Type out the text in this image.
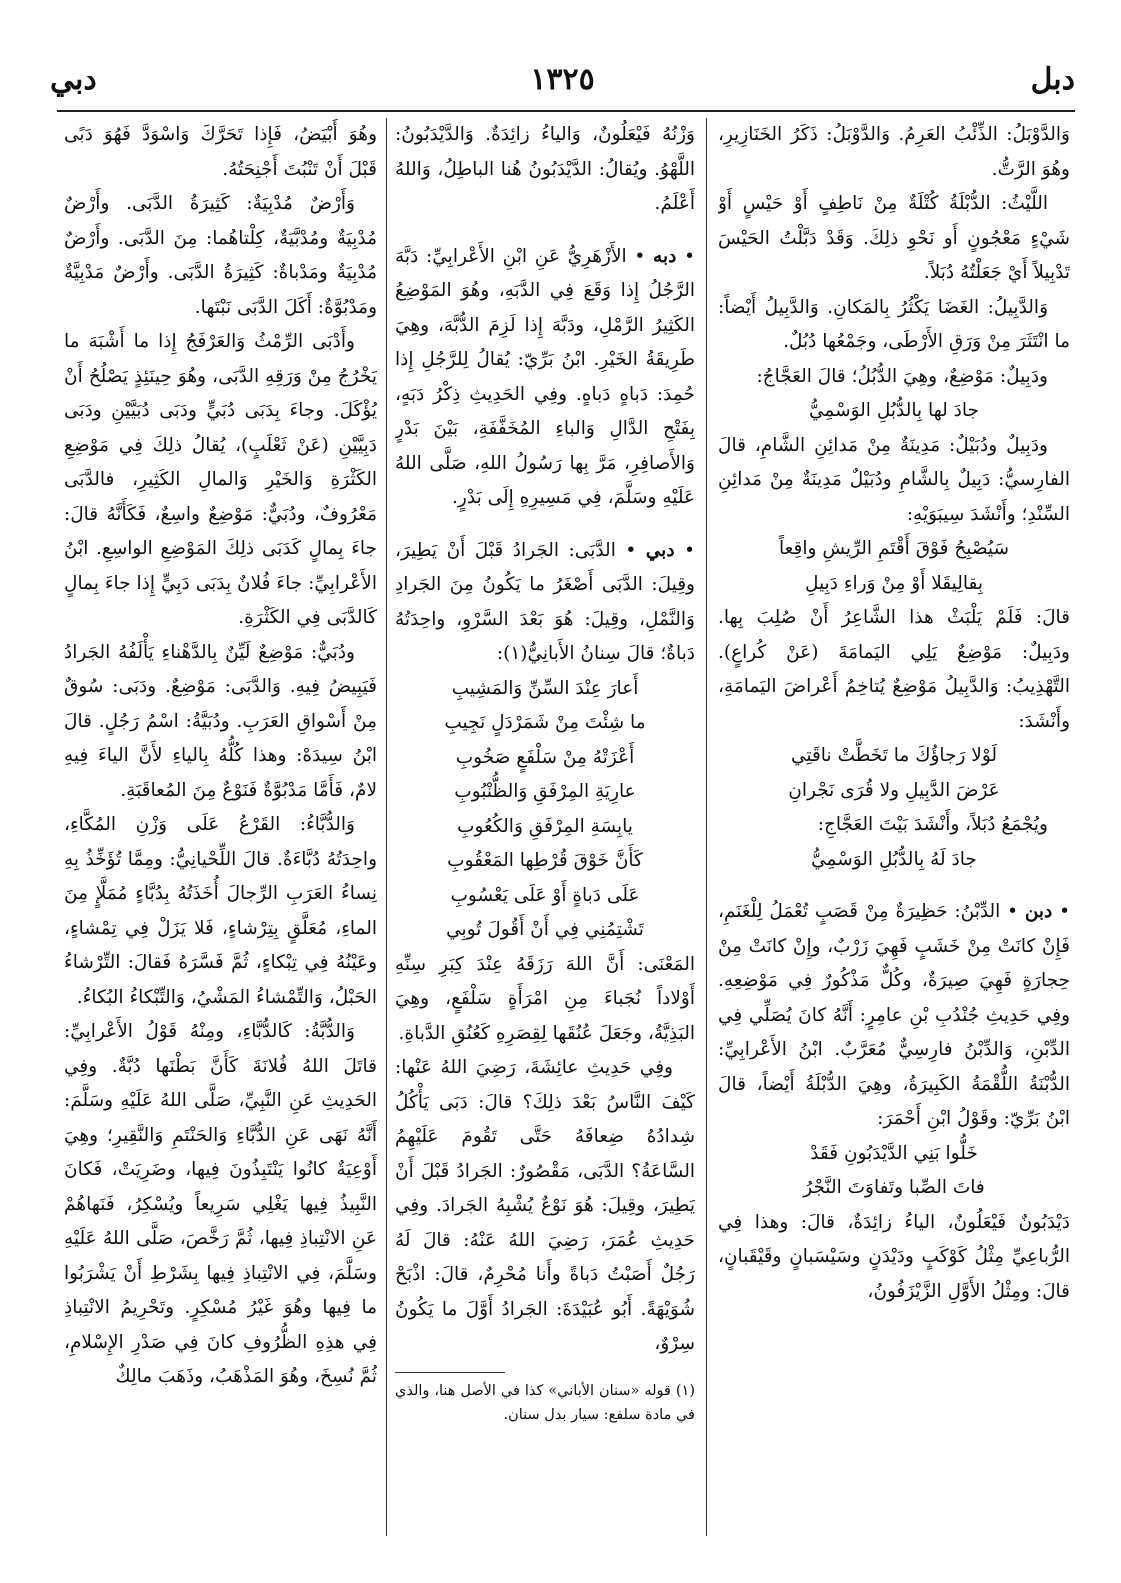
دبل
١٣٢٥
دبي

وَالدَّوْبَلُ: الذِّئْبُ العَرِمُ. وَالدَّوْبَلُ: ذَكَرُ الخَنَازِيرِ، وهُوَ الرَّتُّ.

اللَّيْثُ: الدُّبْلَةُ كُتْلَةٌ مِنْ نَاطِفٍ أَوْ حَيْسٍ أَوْ شَيْءٍ مَعْجُونٍ أَو نَحْوِ ذلِكَ. وَقَدْ دَبَّلْتُ الحَيْسَ تَدْبِيلاً أَيْ جَعَلْتُهُ دُبَلاً.

وَالدَّبِيلُ: الغَضَا يَكْثُرُ بِالمَكانِ. وَالدَّبِيلُ أَيْضاً: ما انْتَثَرَ مِنْ وَرَقِ الأَرْطَى، وجَمْعُها دُبُلٌ.

ودَبِيلٌ: مَوْضِعٌ، وهِيَ الدُّبُلُ؛ قالَ العَجَّاجُ:

جادَ لها بِالدُّبُلِ الوَسْمِيُّ

ودَبِيلٌ ودُبَيْلٌ: مَدِينَةٌ مِنْ مَدائِنِ الشَّامِ، قالَ الفارِسيُّ: دَبِيلٌ بِالشَّامِ ودُبَيْلٌ مَدِينَةٌ مِنْ مَدائِنِ السِّنْدِ؛ وأَنْشَدَ سِيبَوَيْهِ:

سَيُصْبِحُ فَوْقَ أَقْتَمِ الرِّيشِ واقِعاً

بِقالِيقَلا أَوْ مِنْ وَراءِ دَبِيلِ

قالَ: فَلَمْ يَلْبَثْ هذا الشَّاعِرُ أَنْ صُلِبَ بِها. ودَبِيلٌ: مَوْضِعٌ يَلِي اليَمامَةَ (عَنْ كُراعٍ). التَّهْذِيبُ: وَالدَّبِيلُ مَوْضِعٌ يُتاخِمُ أَعْراضَ اليَمامَةِ، وأَنْشَدَ:

لَوْلا رَجاؤُكَ ما تَخَطَّتْ ناقَتِي

عَرْضَ الدَّبِيلِ ولا قُرَى نَجْرانِ

ويُجْمَعُ دُبَلاً، وأَنْشَدَ بَيْتَ العَجَّاجِ:

جادَ لَهُ بِالدُّبُلِ الوَسْمِيُّ

• دبن • الدِّبْنُ: حَظِيرَةٌ مِنْ قَصَبٍ تُعْمَلُ لِلْغَنَمِ، فَإِنْ كانَتْ مِنْ خَشَبٍ فَهِيَ زَرْبٌ، وإِنْ كانَتْ مِنْ حِجارَةٍ فَهِيَ صِيرَةٌ، وكُلٌّ مَذْكُورٌ فِي مَوْضِعِهِ. وفِي حَدِيثِ جُنْدُبِ بْنِ عامِرٍ: أَنَّهُ كانَ يُصَلِّي فِي الدِّبْنِ، وَالدِّبْنُ فارِسِيٌّ مُعَرَّبٌ. ابْنُ الأَعْرابِيِّ: الدُّبْنَةُ اللُّقْمَةُ الكَبِيرَةُ، وهِيَ الدُّبْلَةُ أَيْضاً، قالَ ابْنُ بَرِّيّ: وقَوْلُ ابْنِ أَحْمَرَ:

خَلُّوا بَنِي الدَّيْدَبُونِ فَقَدْ

فاتَ الصِّبا وتَفاوَتَ النَّجْرُ

دَيْدَبُونٌ فَيْعَلُونٌ، الياءُ زائِدَةٌ، قالَ: وهذا فِي الرُّباعِيِّ مِثْلُ كَوْكَبٍ ودَيْدَنٍ وسَيْسَبانٍ وقَيْقَبانٍ، قالَ: ومِثْلُ الأَوَّلِ الزَّيْزَفُونُ،

وَزْنُهُ فَيْعَلُونٌ، وَالياءُ زائِدَةٌ. وَالدَّيْدَبُونُ: اللَّهْوُ. ويُقالُ: الدَّيْدَبُونُ هُنا الباطِلُ، وَاللهُ أَعْلَمُ.

• دبه • الأَزْهَرِيُّ عَنِ ابْنِ الأَعْرابِيِّ: دَبَّهَ الرَّجُلُ إِذا وَقَعَ فِي الدَّبَهِ، وهُوَ المَوْضِعُ الكَثِيرُ الرَّمْلِ، ودَبَّهَ إِذا لَزِمَ الدُّبَّهَ، وهِيَ طَرِيقَةُ الخَيْرِ. ابْنُ بَرِّيّ: يُقالُ لِلرَّجُلِ إِذا حُمِدَ: دَباهٍ دَباهٍ. وفِي الحَدِيثِ ذِكْرُ دَبَهٍ، بِفَتْحِ الدَّالِ وَالباءِ المُخَفَّفَةِ، بَيْنَ بَدْرٍ وَالأَصافِرِ، مَرَّ بِها رَسُولُ اللهِ، صَلَّى اللهُ عَلَيْهِ وسَلَّمَ، فِي مَسِيرِهِ إِلَى بَدْرٍ.

• دبي • الدَّبَى: الجَرادُ قَبْلَ أَنْ يَطِيرَ، وقِيلَ: الدَّبَى أَصْغَرُ ما يَكُونُ مِنَ الجَرادِ وَالنَّمْلِ، وقِيلَ: هُوَ بَعْدَ السَّرْوِ، واحِدَتُهُ دَباةٌ؛ قالَ سِنانُ الأَبانِيُّ(١):

أَعارَ عِنْدَ السِّنِّ وَالمَشِيبِ

ما شِئْتَ مِنْ شَمَرْدَلٍ نَجِيبِ

أَعْزَتْهُ مِنْ سَلْفَعٍ صَخُوبِ

عارِيَةِ المِرْفَقِ وَالظُّنْبُوبِ

يابِسَةِ المِرْفَقِ وَالكُعُوبِ

كَأَنَّ خَوْقَ قُرْطِها المَعْقُوبِ

عَلَى دَباةٍ أَوْ عَلَى يَعْسُوبِ

تَشْتِمُنِي فِي أَنْ أَقُولَ تُوبِي

المَعْنَى: أَنَّ اللهَ رَزَقَهُ عِنْدَ كِبَرِ سِنِّهِ أَوْلاداً نُجَباءَ مِنِ امْرَأَةٍ سَلْفَعٍ، وهِيَ البَذِيَّةُ، وجَعَلَ عُنُقَها لِقِصَرِهِ كَعُنُقِ الدَّباةِ.

وفِي حَدِيثِ عائِشَةَ، رَضِيَ اللهُ عَنْها: كَيْفَ النَّاسُ بَعْدَ ذلِكَ؟ قالَ: دَبَى يَأْكُلُ شِدادُهُ ضِعافَهُ حَتَّى تَقُومَ عَلَيْهِمُ السَّاعَةُ؟ الدَّبَى، مَقْصُورٌ: الجَرادُ قَبْلَ أَنْ يَطِيرَ، وقِيلَ: هُوَ نَوْعٌ يُشْبِهُ الجَرادَ. وفِي حَدِيثِ عُمَرَ، رَضِيَ اللهُ عَنْهُ: قالَ لَهُ رَجُلٌ أَصَبْتُ دَباةً وأَنا مُحْرِمٌ، قالَ: اذْبَحْ شُوَيْهَةً. أَبُو عُبَيْدَةَ: الجَرادُ أَوَّلَ ما يَكُونُ سِرْوٌ،

(١) قوله «سنان الأباني» كذا في الأصل هنا، والذي في مادة سلفع: سيار بدل سنان.

وهُوَ أَبْيَضُ، فَإِذا تَحَرَّكَ وَاسْوَدَّ فَهُوَ دَبًى قَبْلَ أَنْ تَنْبُتَ أَجْنِحَتُهُ.

وَأَرْضٌ مُدْبِيَةٌ: كَثِيرَةُ الدَّبَى. وأَرْضٌ مُدْبِيَةٌ ومُدْبَّيَةٌ، كِلْتاهُما: مِنَ الدَّبَى. وأَرْضٌ مُدْبِيَةٌ ومَدْباةٌ: كَثِيرَةُ الدَّبَى. وأَرْضٌ مَدْبِيَّةٌ ومَدْبُوَّةٌ: أَكَلَ الدَّبَى نَبْتَها.

وأَدْبَى الرِّمْثُ وَالعَرْفَجُ إِذا ما أَشْبَهَ ما يَخْرُجُ مِنْ وَرَقِهِ الدَّبَى، وهُوَ حِينَئِذٍ يَصْلُحُ أَنْ يُؤْكَلَ. وجاءَ بِدَبَى دُبَيٍّ ودَبَى دُبَيَّيْنِ ودَبَى دَبِيَّيْنِ (عَنْ ثَعْلَبٍ)، يُقالُ ذلِكَ فِي مَوْضِعِ الكَثْرَةِ وَالخَيْرِ وَالمالِ الكَثِيرِ، فالدَّبَى مَعْرُوفٌ، ودُبَيٌّ: مَوْضِعٌ واسِعٌ، فَكَأَنَّهُ قالَ: جاءَ بِمالٍ كَدَبَى ذلِكَ المَوْضِعِ الواسِعِ. ابْنُ الأَعْرابِيِّ: جاءَ فُلانٌ بِدَبَى دَبِيٍّ إِذا جاءَ بِمالٍ كَالدَّبَى فِي الكَثْرَةِ.

ودُبَيٌّ: مَوْضِعٌ لَيِّنٌ بِالدَّهْناءِ يَأْلَفُهُ الجَرادُ فَيَبِيضُ فِيهِ. وَالدَّبَى: مَوْضِعٌ. ودَبَى: سُوقٌ مِنْ أَسْواقِ العَرَبِ. ودُبَيَّةُ: اسْمُ رَجُلٍ. قالَ ابْنُ سِيدَهْ: وهذا كُلُّهُ بِالياءِ لأَنَّ الياءَ فِيهِ لامٌ، فَأَمَّا مَدْبُوَّةٌ فَنَوْعٌ مِنَ المُعاقَبَةِ.

وَالدُّبَّاءُ: القَرْعُ عَلَى وَزْنِ المُكَّاءِ، واحِدَتُهُ دُبَّاءَةٌ. قالَ اللِّحْيانِيُّ: ومِمَّا تُؤَخِّذُ بِهِ نِساءُ العَرَبِ الرِّجالَ أُخَذَتُهُ بِدُبَّاءٍ مُمَلَّإٍ مِنَ الماءِ، مُعَلَّقٍ بِتِرْشاءٍ، فَلا يَزَلْ فِي تِمْشاءٍ، وعَيْنُهُ فِي تِبْكاءٍ، ثُمَّ فَسَّرَهُ فَقالَ: التِّرْشاءُ الحَبْلُ، وَالتِّمْشاءُ المَشْيُ، وَالتِّبْكاءُ البُكاءُ.

وَالدُّبَّةُ: كَالدُّبَّاءِ، ومِنْهُ قَوْلُ الأَعْرابِيِّ: قاتَلَ اللهُ فُلانَةَ كَأَنَّ بَطْنَها دُبَّةٌ. وفِي الحَدِيثِ عَنِ النَّبِيِّ، صَلَّى اللهُ عَلَيْهِ وسَلَّمَ: أَنَّهُ نَهَى عَنِ الدُّبَّاءِ وَالحَنْتَمِ وَالنَّقِيرِ؛ وهِيَ أَوْعِيَةٌ كانُوا يَنْتَبِذُونَ فِيها، وضَرِيَتْ، فَكانَ النَّبِيذُ فِيها يَغْلِي سَرِيعاً ويُسْكِرُ، فَنَهاهُمْ عَنِ الانْتِباذِ فِيها، ثُمَّ رَخَّصَ، صَلَّى اللهُ عَلَيْهِ وسَلَّمَ، فِي الانْتِباذِ فِيها بِشَرْطِ أَنْ يَشْرَبُوا ما فِيها وهُوَ غَيْرُ مُسْكِرٍ. وتَحْرِيمُ الانْتِباذِ فِي هذِهِ الظُّرُوفِ كانَ فِي صَدْرِ الإِسْلامِ، ثُمَّ نُسِخَ، وهُوَ المَذْهَبُ، وذَهَبَ مالِكٌ
